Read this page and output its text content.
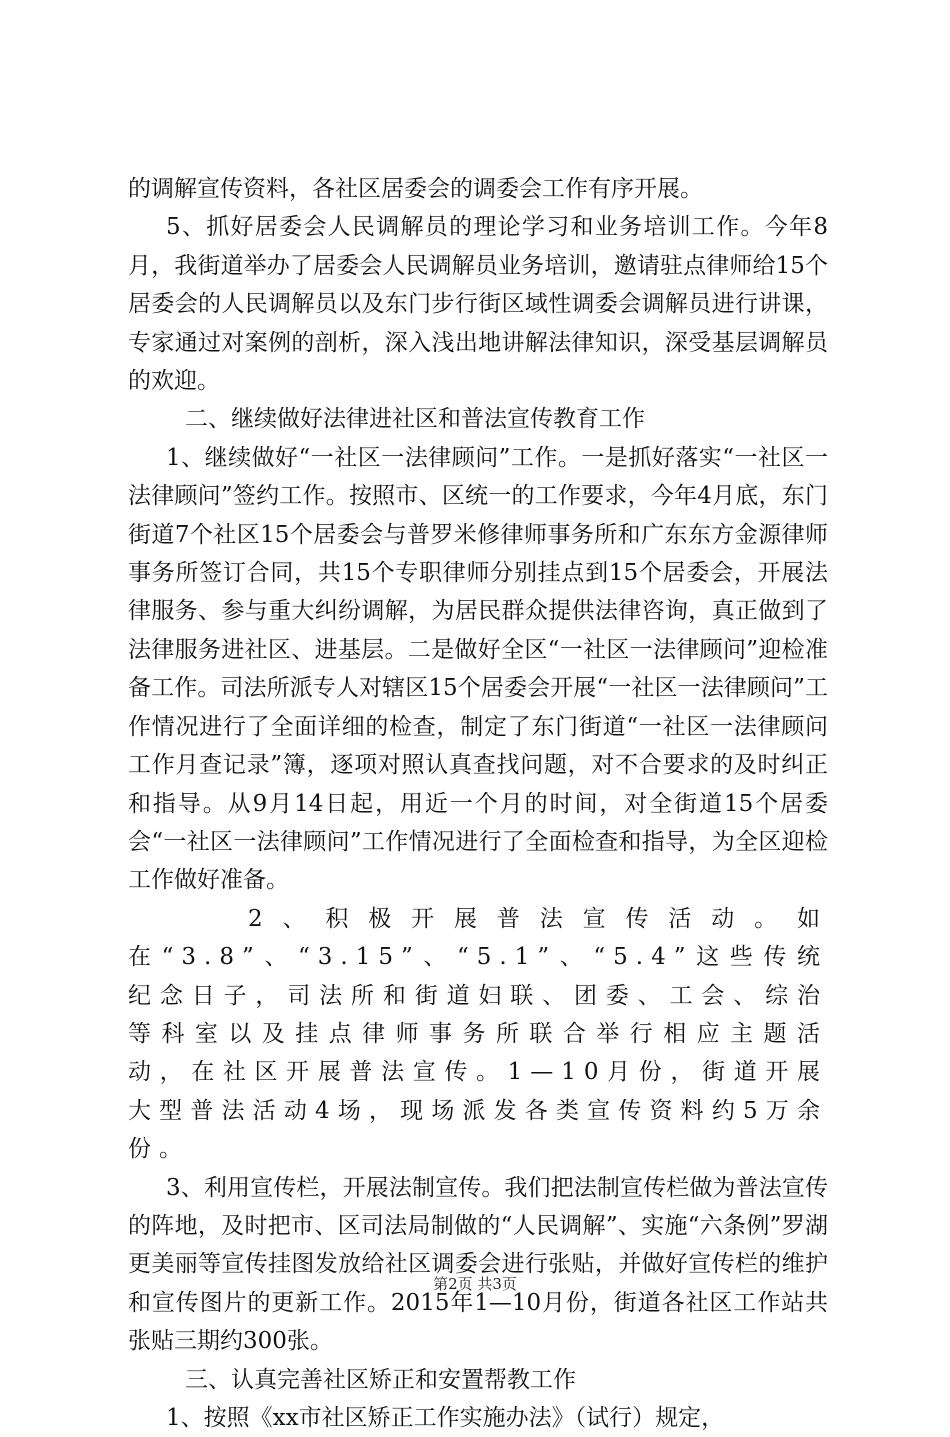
的调解宣传资料，各社区居委会的调委会工作有序开展。

5、抓好居委会人民调解员的理论学习和业务培训工作。今年8月，我街道举办了居委会人民调解员业务培训，邀请驻点律师给15个居委会的人民调解员以及东门步行街区域性调委会调解员进行讲课，专家通过对案例的剖析，深入浅出地讲解法律知识，深受基层调解员的欢迎。

二、继续做好法律进社区和普法宣传教育工作

1、继续做好“一社区一法律顾问”工作。一是抓好落实“一社区一法律顾问”签约工作。按照市、区统一的工作要求，今年4月底，东门街道7个社区15个居委会与普罗米修律师事务所和广东东方金源律师事务所签订合同，共15个专职律师分别挂点到15个居委会，开展法律服务、参与重大纠纷调解，为居民群众提供法律咨询，真正做到了法律服务进社区、进基层。二是做好全区“一社区一法律顾问”迎检准备工作。司法所派专人对辖区15个居委会开展“一社区一法律顾问”工作情况进行了全面详细的检查，制定了东门街道“一社区一法律顾问工作月查记录”簿，逐项对照认真查找问题，对不合要求的及时纠正和指导。从9月14日起，用近一个月的时间，对全街道15个居委会“一社区一法律顾问”工作情况进行了全面检查和指导，为全区迎检工作做好准备。

2、积极开展普法宣传活动。如在“3.8”、“3.15”、“5.1”、“5.4”这些传统纪念日子，司法所和街道妇联、团委、工会、综治等科室以及挂点律师事务所联合举行相应主题活动，在社区开展普法宣传。1—10月份，街道开展大型普法活动4场，现场派发各类宣传资料约5万余份。

3、利用宣传栏，开展法制宣传。我们把法制宣传栏做为普法宣传的阵地，及时把市、区司法局制做的“人民调解”、实施“六条例”罗湖更美丽等宣传挂图发放给社区调委会进行张贴，并做好宣传栏的维护和宣传图片的更新工作。2015年1—10月份，街道各社区工作站共张贴三期约300张。

三、认真完善社区矫正和安置帮教工作

1、按照《xx市社区矫正工作实施办法》（试行）规定，

第2页 共3页
